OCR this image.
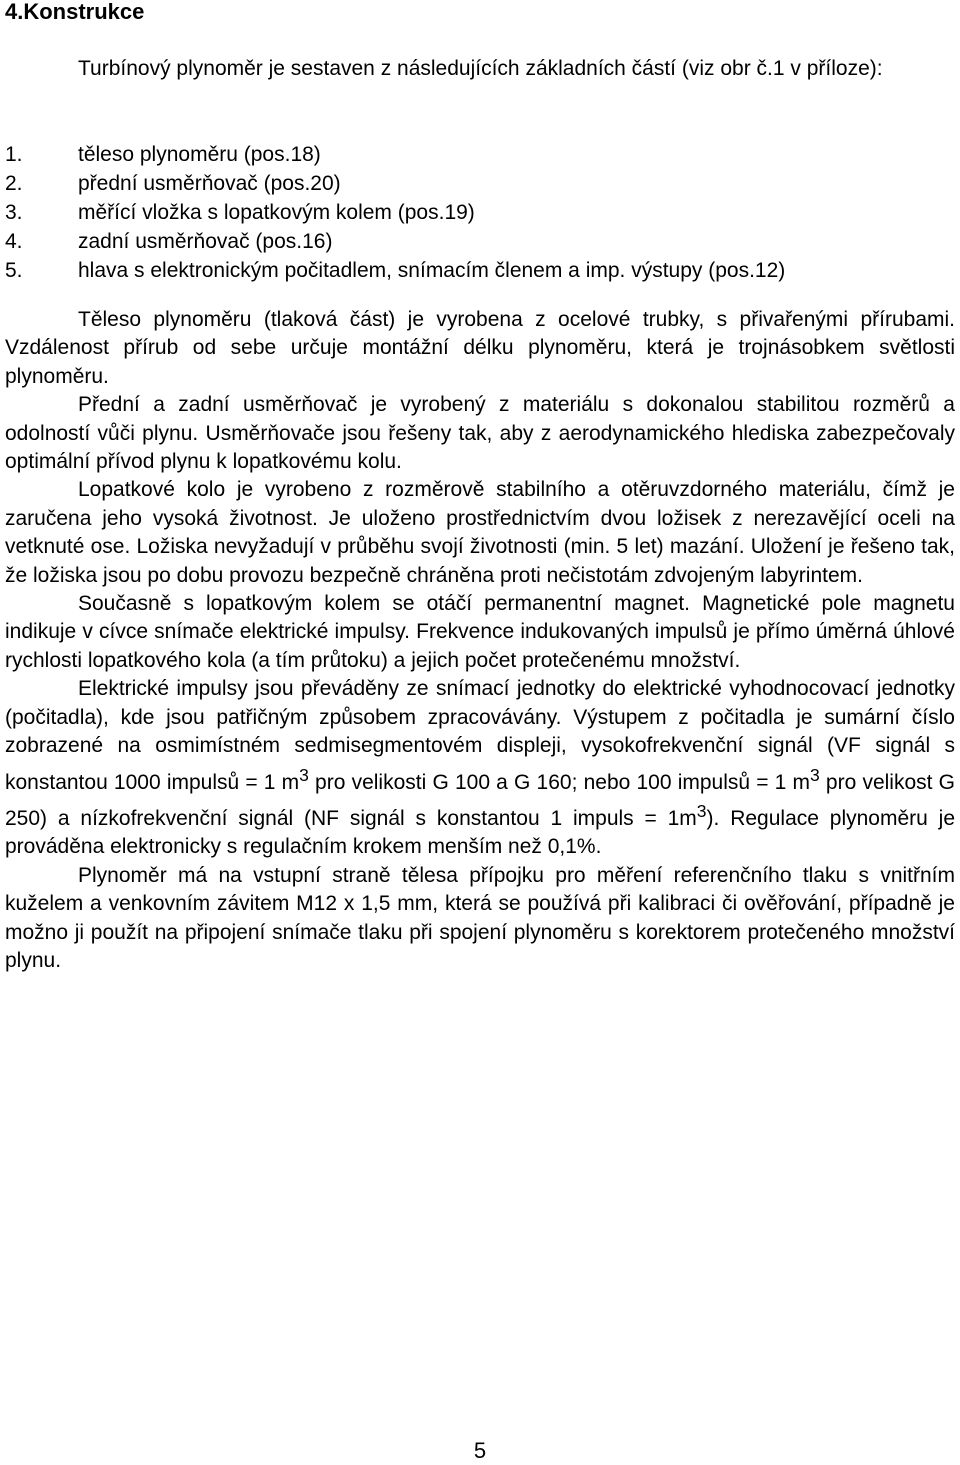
4.Konstrukce

Turbínový plynoměr je sestaven z následujících základních částí (viz obr č.1 v příloze):

1.	těleso plynoměru (pos.18)
2.	přední usměrňovač (pos.20)
3.	měřící vložka s lopatkovým kolem (pos.19)
4.	zadní usměrňovač (pos.16)
5.	hlava s elektronickým počitadlem, snímacím členem a imp. výstupy (pos.12)

Těleso plynoměru (tlaková část) je vyrobena z ocelové trubky, s přivařenými přírubami. Vzdálenost přírub od sebe určuje montážní délku plynoměru, která je trojnásobkem světlosti plynoměru.

Přední a zadní usměrňovač je vyrobený z materiálu s dokonalou stabilitou rozměrů a odolností vůči plynu. Usměrňovače jsou řešeny tak, aby z aerodynamického hlediska zabezpečovaly optimální přívod plynu k lopatkovému kolu.

Lopatkové kolo je vyrobeno z rozměrově stabilního a otěruvzdorného materiálu, čímž je zaručena jeho vysoká životnost. Je uloženo prostřednictvím dvou ložisek z nerezavějící oceli na vetknuté ose. Ložiska nevyžadují v průběhu svojí životnosti (min. 5 let) mazání. Uložení je řešeno tak, že ložiska jsou po dobu provozu bezpečně chráněna proti nečistotám zdvojeným labyrintem.

Současně s lopatkovým kolem se otáčí permanentní magnet. Magnetické pole magnetu indikuje v cívce snímače elektrické impulsy. Frekvence indukovaných impulsů je přímo úměrná úhlové rychlosti lopatkového kola (a tím průtoku) a jejich počet protečenému množství.

Elektrické impulsy jsou převáděny ze snímací jednotky do elektrické vyhodnocovací jednotky (počitadla), kde jsou patřičným způsobem zpracovávány. Výstupem z počitadla je sumární číslo zobrazené na osmimístném sedmisegmentovém displeji, vysokofrekvenční signál (VF signál s konstantou 1000 impulsů = 1 $m^3$ pro velikosti G 100 a G 160; nebo 100 impulsů = 1 $m^3$ pro velikost G 250) a nízkofrekvenční signál (NF signál s konstantou 1 impuls = $1m^3$). Regulace plynoměru je prováděna elektronicky s regulačním krokem menším než 0,1%.

Plynoměr má na vstupní straně tělesa přípojku pro měření referenčního tlaku s vnitřním kuželem a venkovním závitem M12 x 1,5 mm, která se používá při kalibraci či ověřování, případně je možno ji použít na připojení snímače tlaku při spojení plynoměru s korektorem protečeného množství plynu.

5
